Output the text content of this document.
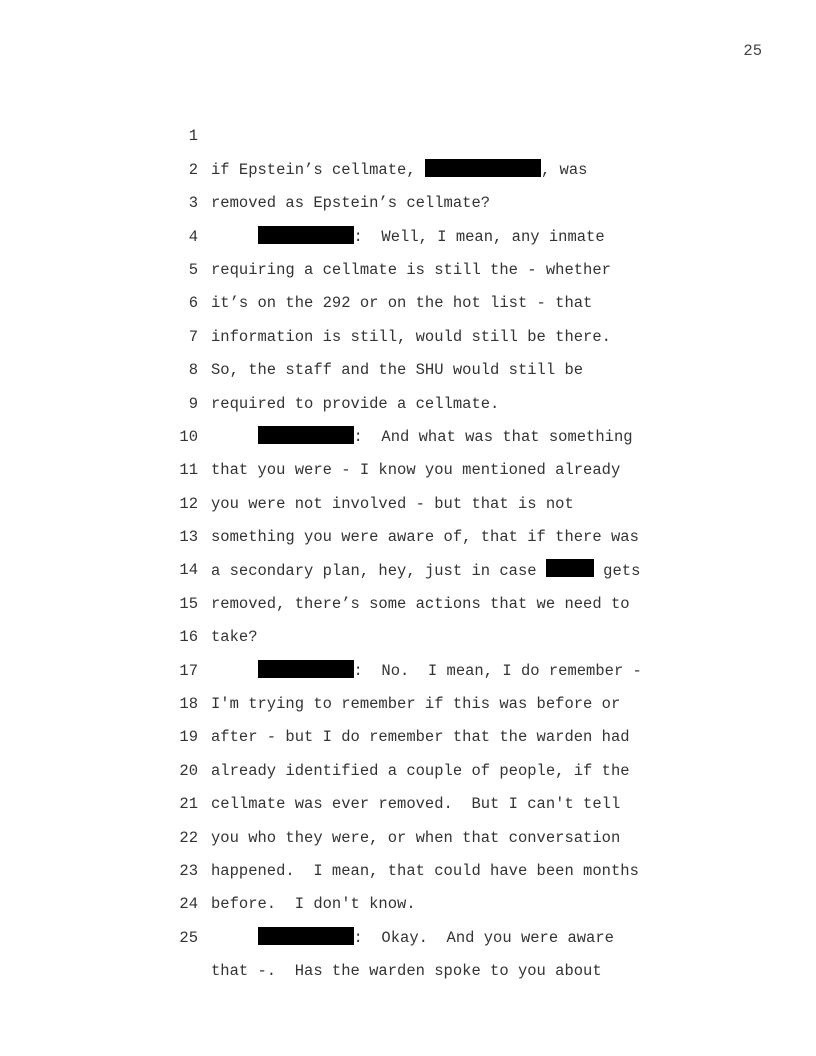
25

1

if Epstein’s cellmate,	, was

2

removed as Epstein’s cellmate?

3

:  Well, I mean, any inmate

4

requiring a cellmate is still the - whether

5

it’s on the 292 or on the hot list - that

6

information is still, would still be there.

7

So, the staff and the SHU would still be

8

required to provide a cellmate.

9

:  And what was that something

10

that you were - I know you mentioned already

11

you were not involved - but that is not

12

something you were aware of, that if there was

13

a secondary plan, hey, just in case	gets

14

removed, there’s some actions that we need to

15

take?

16

:  No.  I mean, I do remember -

17

I'm trying to remember if this was before or

18

after - but I do remember that the warden had

19

already identified a couple of people, if the

20

cellmate was ever removed.  But I can't tell

21

you who they were, or when that conversation

22

happened.  I mean, that could have been months

23

before.  I don't know.

24

:  Okay.  And you were aware

25

that -.  Has the warden spoke to you about
